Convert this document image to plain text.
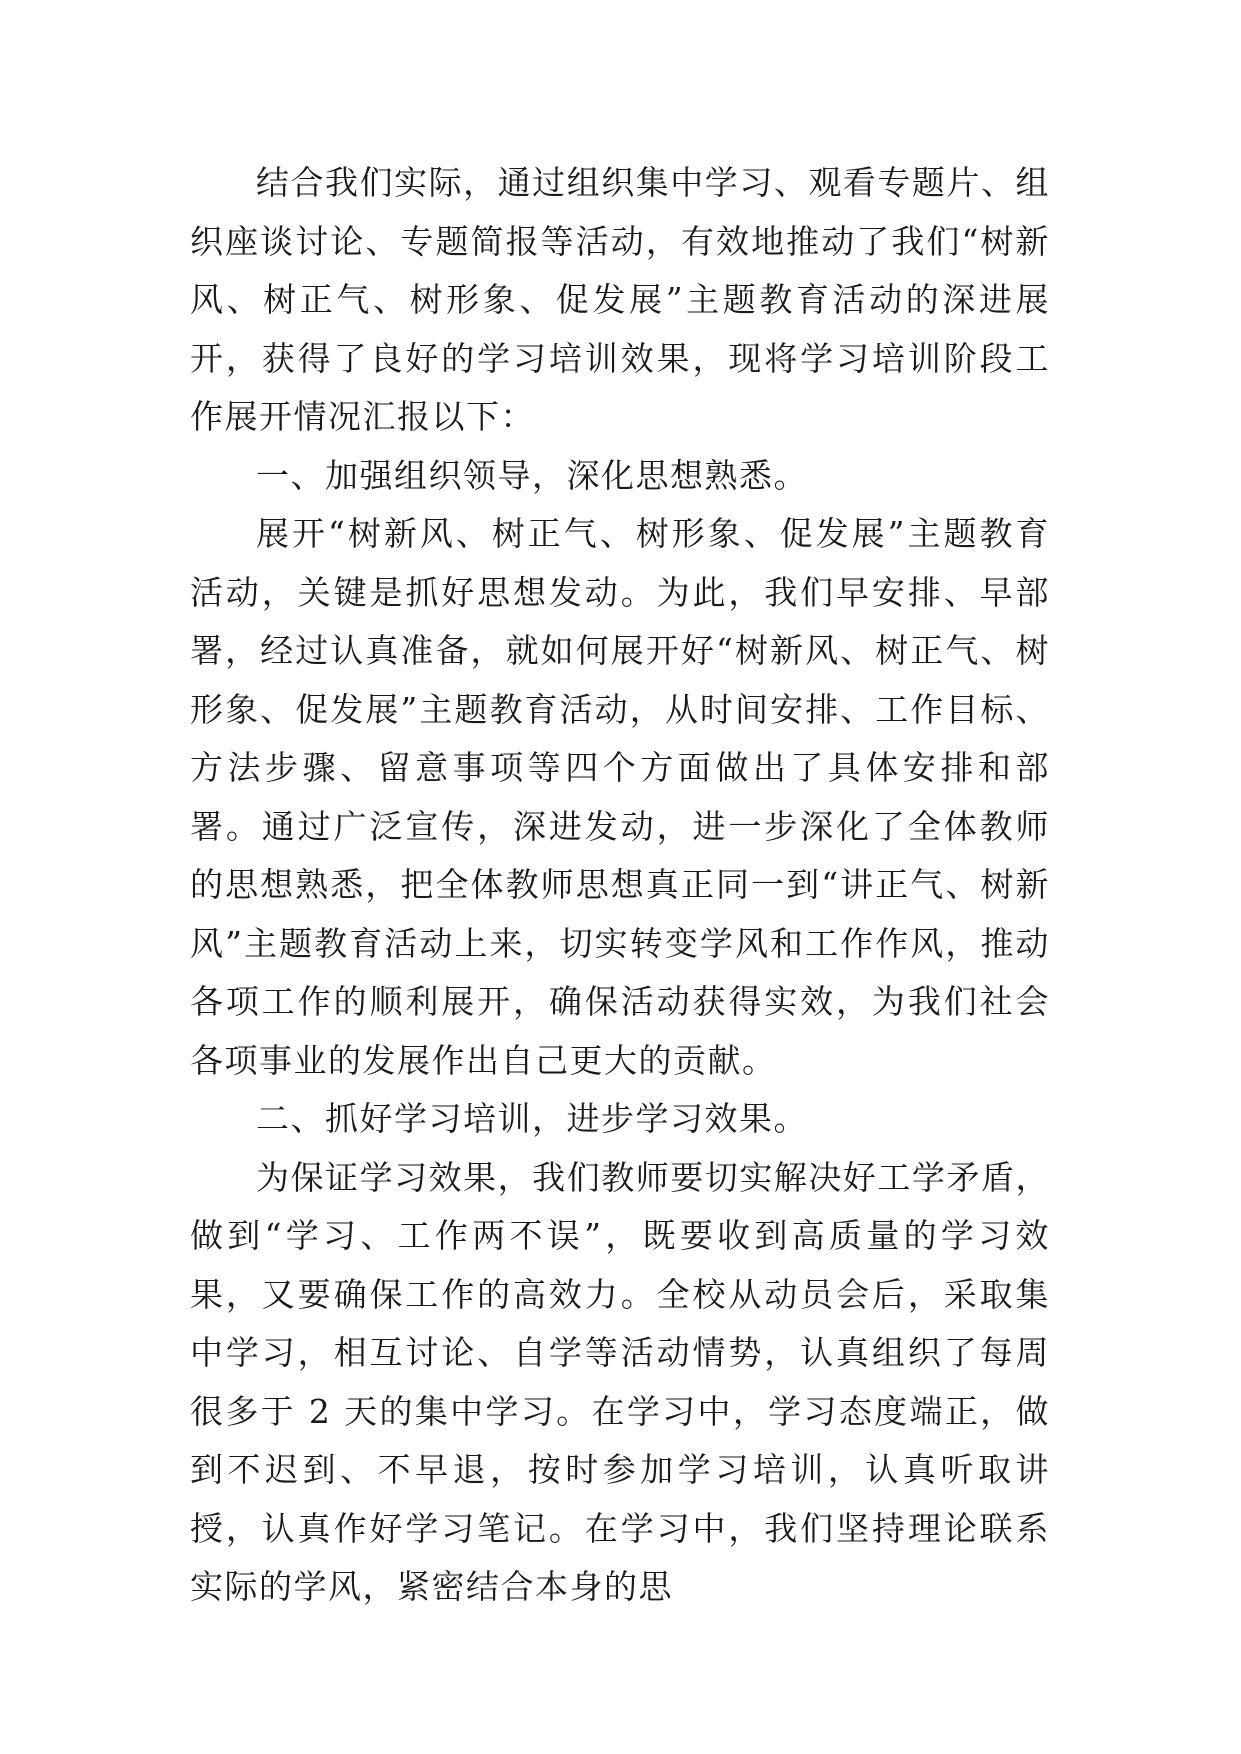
结合我们实际，通过组织集中学习、观看专题片、组织座谈讨论、专题简报等活动，有效地推动了我们“树新风、树正气、树形象、促发展”主题教育活动的深进展开，获得了良好的学习培训效果，现将学习培训阶段工作展开情况汇报以下：

一、加强组织领导，深化思想熟悉。

展开“树新风、树正气、树形象、促发展”主题教育活动，关键是抓好思想发动。为此，我们早安排、早部署，经过认真准备，就如何展开好“树新风、树正气、树形象、促发展”主题教育活动，从时间安排、工作目标、方法步骤、留意事项等四个方面做出了具体安排和部署。通过广泛宣传，深进发动，进一步深化了全体教师的思想熟悉，把全体教师思想真正同一到“讲正气、树新风”主题教育活动上来，切实转变学风和工作作风，推动各项工作的顺利展开，确保活动获得实效，为我们社会各项事业的发展作出自己更大的贡献。

二、抓好学习培训，进步学习效果。

为保证学习效果，我们教师要切实解决好工学矛盾，做到“学习、工作两不误”，既要收到高质量的学习效果，又要确保工作的高效力。全校从动员会后，采取集中学习，相互讨论、自学等活动情势，认真组织了每周很多于 2 天的集中学习。在学习中，学习态度端正，做到不迟到、不早退，按时参加学习培训，认真听取讲授，认真作好学习笔记。在学习中，我们坚持理论联系实际的学风，紧密结合本身的思
